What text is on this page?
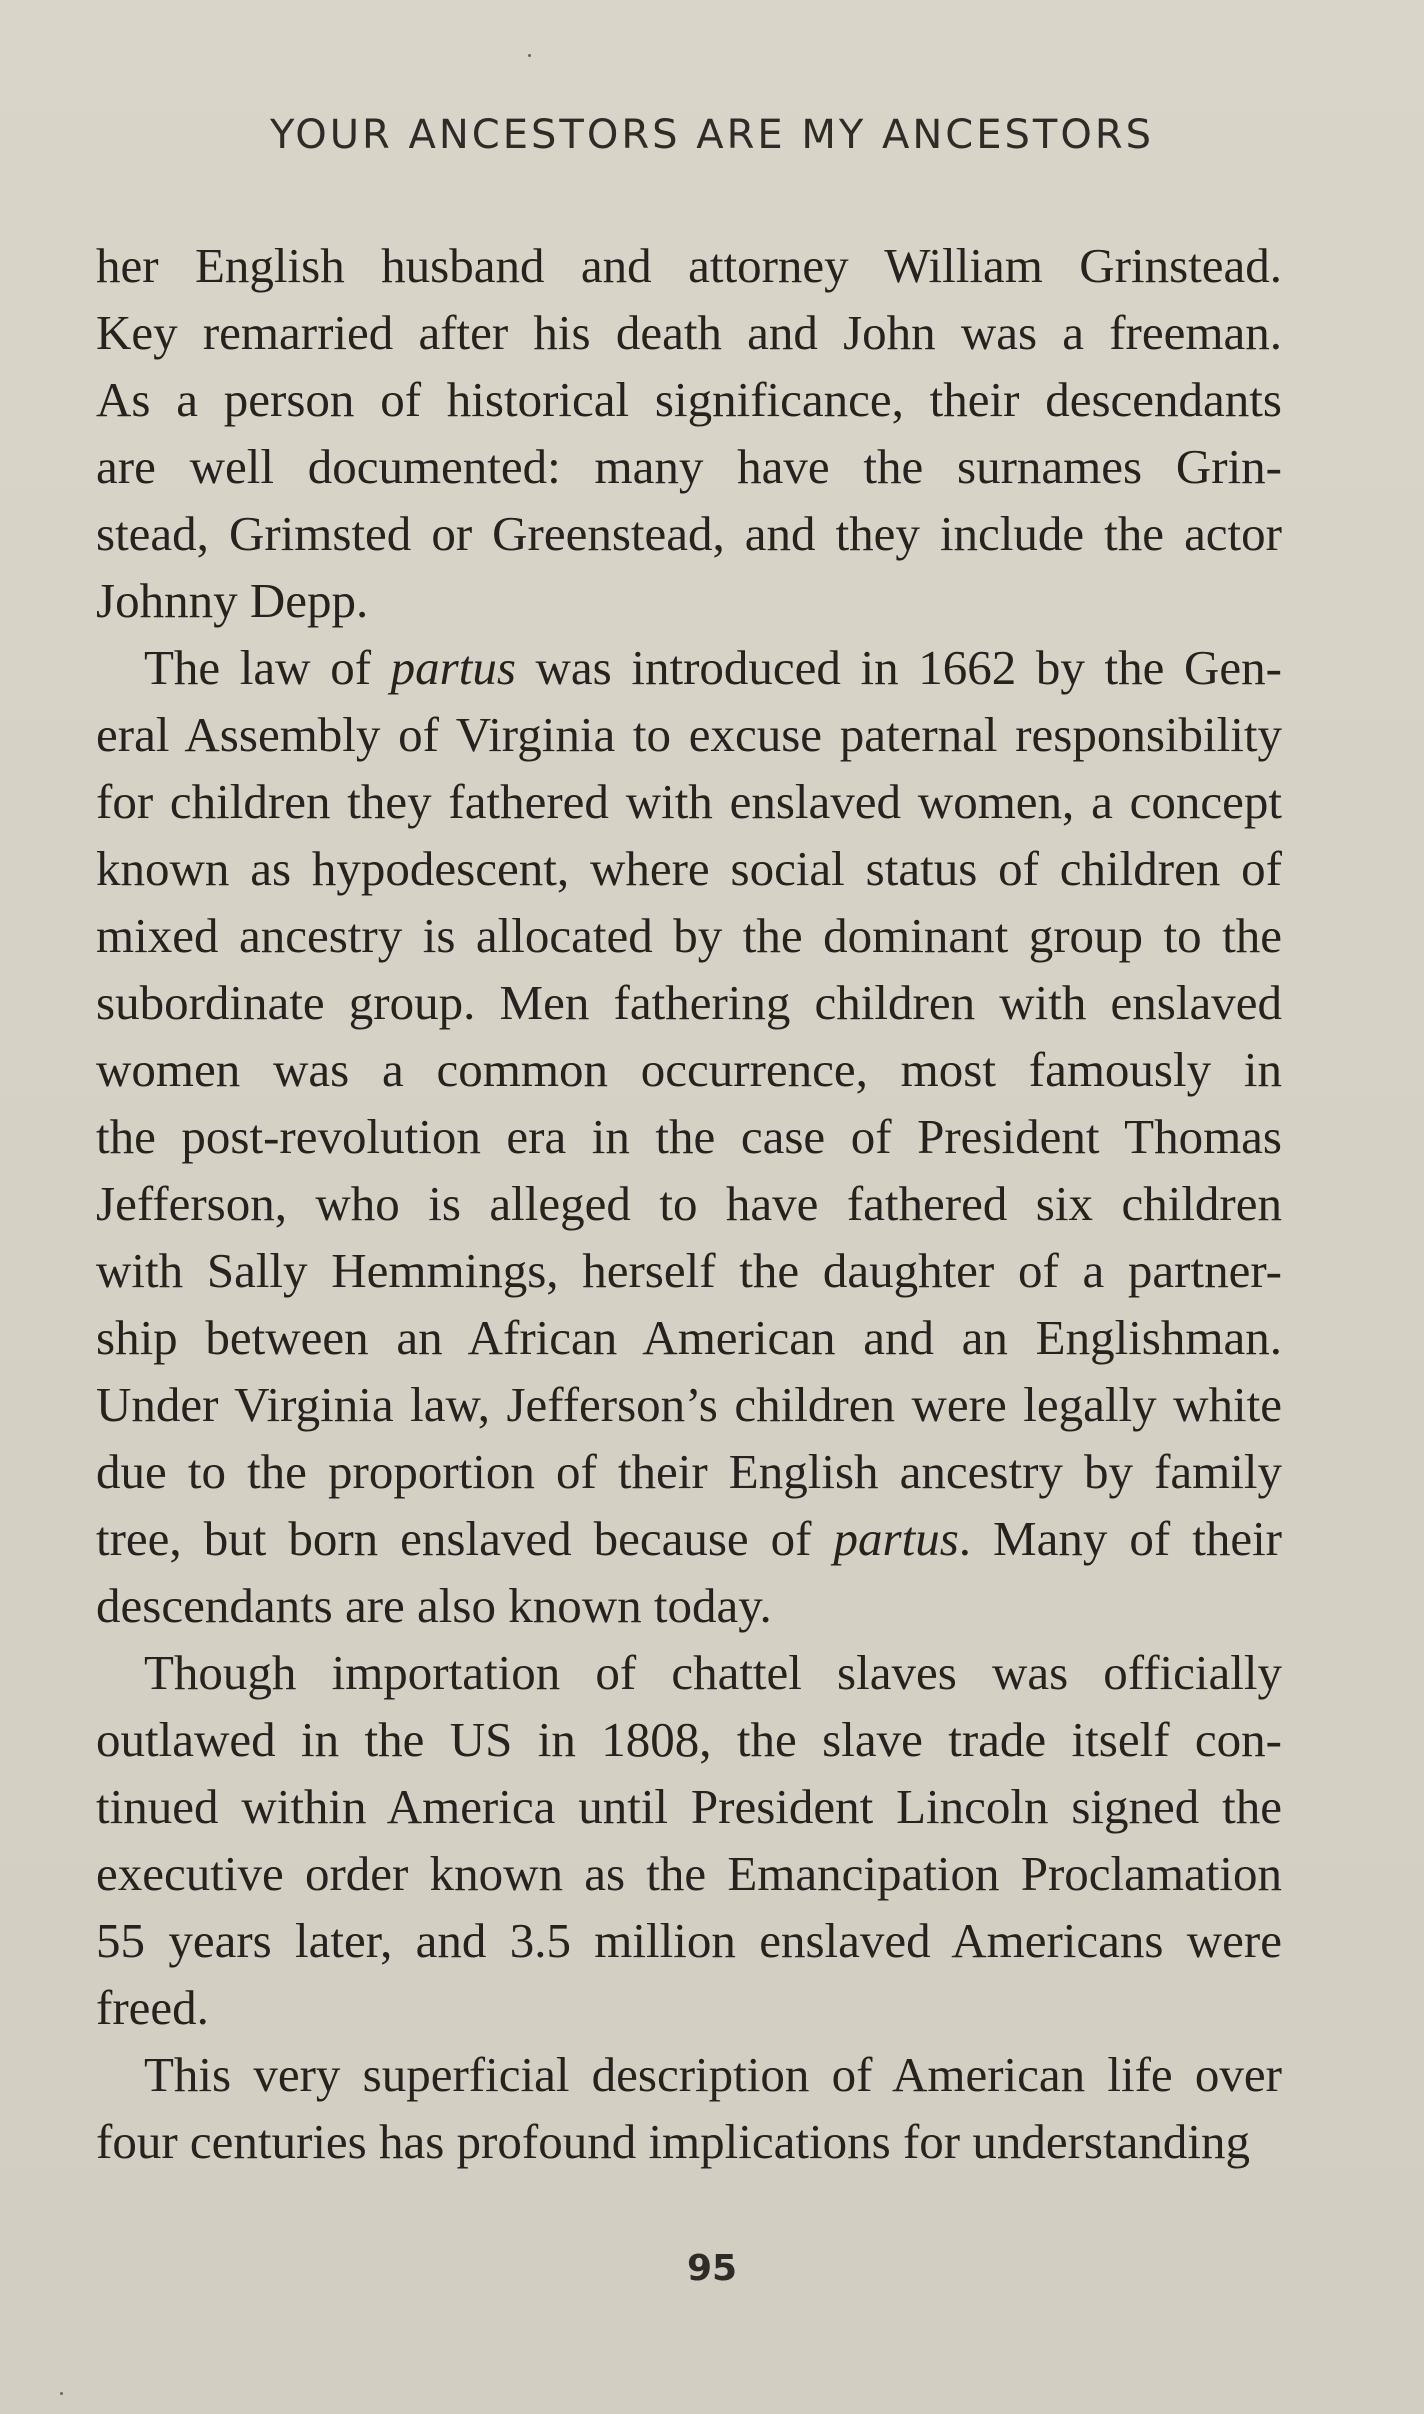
YOUR ANCESTORS ARE MY ANCESTORS
her English husband and attorney William Grinstead.
Key remarried after his death and John was a freeman.
As a person of historical significance, their descendants
are well documented: many have the surnames Grin-
stead, Grimsted or Greenstead, and they include the actor
Johnny Depp.
The law of partus was introduced in 1662 by the Gen-
eral Assembly of Virginia to excuse paternal responsibility
for children they fathered with enslaved women, a concept
known as hypodescent, where social status of children of
mixed ancestry is allocated by the dominant group to the
subordinate group. Men fathering children with enslaved
women was a common occurrence, most famously in
the post-revolution era in the case of President Thomas
Jefferson, who is alleged to have fathered six children
with Sally Hemmings, herself the daughter of a partner-
ship between an African American and an Englishman.
Under Virginia law, Jefferson’s children were legally white
due to the proportion of their English ancestry by family
tree, but born enslaved because of partus. Many of their
descendants are also known today.
Though importation of chattel slaves was officially
outlawed in the US in 1808, the slave trade itself con-
tinued within America until President Lincoln signed the
executive order known as the Emancipation Proclamation
55 years later, and 3.5 million enslaved Americans were
freed.
This very superficial description of American life over
four centuries has profound implications for understanding
95
